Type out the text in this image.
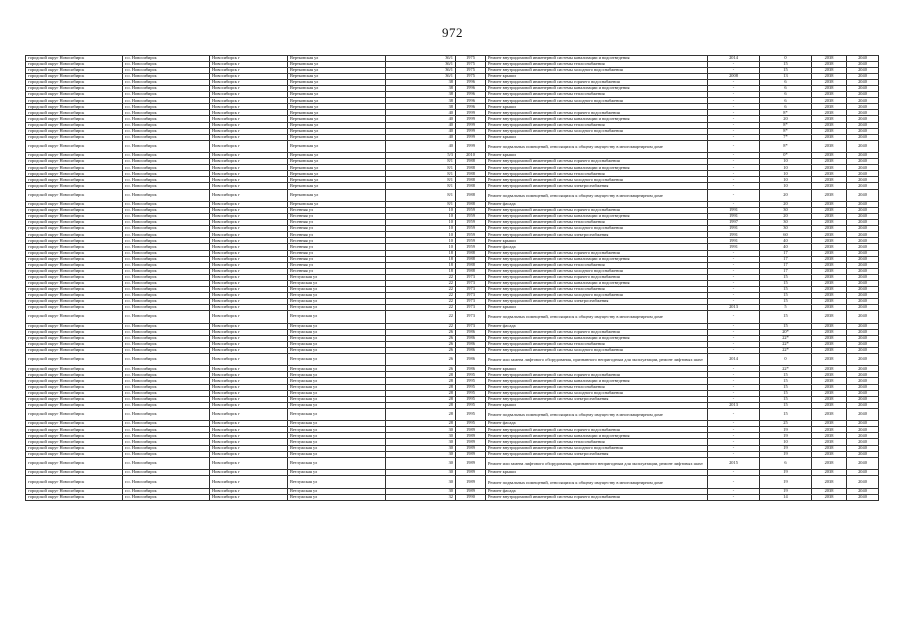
972
городской округ Новосибирск	г.о. Новосибирск	Новосибирск г	Вертковская ул	36/1	1975	Ремонт внутридомовой инженерной системы канализации и водоотведения	2014	0	2038	2040
городской округ Новосибирск	г.о. Новосибирск	Новосибирск г	Вертковская ул	36/1	1975	Ремонт внутридомовой инженерной системы теплоснабжения	-	15	2038	2040
городской округ Новосибирск	г.о. Новосибирск	Новосибирск г	Вертковская ул	36/1	1975	Ремонт внутридомовой инженерной системы холодного водоснабжения	-	15	2038	2040
городской округ Новосибирск	г.о. Новосибирск	Новосибирск г	Вертковская ул	36/1	1975	Ремонт крыши	2008	13	2038	2040
городской округ Новосибирск	г.о. Новосибирск	Новосибирск г	Вертковская ул	38	1996	Ремонт внутридомовой инженерной системы горячего водоснабжения	-	6	2038	2040
городской округ Новосибирск	г.о. Новосибирск	Новосибирск г	Вертковская ул	38	1996	Ремонт внутридомовой инженерной системы канализации и водоотведения	-	6	2038	2040
городской округ Новосибирск	г.о. Новосибирск	Новосибирск г	Вертковская ул	38	1996	Ремонт внутридомовой инженерной системы теплоснабжения	-	6	2038	2040
городской округ Новосибирск	г.о. Новосибирск	Новосибирск г	Вертковская ул	38	1996	Ремонт внутридомовой инженерной системы холодного водоснабжения	-	6	2038	2040
городской округ Новосибирск	г.о. Новосибирск	Новосибирск г	Вертковская ул	38	1996	Ремонт крыши	-	6	2038	2040
городской округ Новосибирск	г.о. Новосибирск	Новосибирск г	Вертковская ул	40	1999	Ремонт внутридомовой инженерной системы горячего водоснабжения	-	8*	2038	2040
городской округ Новосибирск	г.о. Новосибирск	Новосибирск г	Вертковская ул	40	1999	Ремонт внутридомовой инженерной системы канализации и водоотведения	-	20	2038	2040
городской округ Новосибирск	г.о. Новосибирск	Новосибирск г	Вертковская ул	40	1999	Ремонт внутридомовой инженерной системы теплоснабжения	-	8*	2038	2040
городской округ Новосибирск	г.о. Новосибирск	Новосибирск г	Вертковская ул	40	1999	Ремонт внутридомовой инженерной системы холодного водоснабжения	-	8*	2038	2040
городской округ Новосибирск	г.о. Новосибирск	Новосибирск г	Вертковская ул	40	1999	Ремонт крыши	-	7*	2038	2040
городской округ Новосибирск	г.о. Новосибирск	Новосибирск г	Вертковская ул	40	1999	Ремонт подвальных помещений, относящихся к общему имуществу в многоквартирном доме	-	8*	2038	2040
городской округ Новосибирск	г.о. Новосибирск	Новосибирск г	Вертковская ул	5/3	2010	Ремонт крыши	-	0*	2038	2040
городской округ Новосибирск	г.о. Новосибирск	Новосибирск г	Вертковская ул	8/1	1988	Ремонт внутридомовой инженерной системы горячего водоснабжения	-	10	2038	2040
городской округ Новосибирск	г.о. Новосибирск	Новосибирск г	Вертковская ул	8/1	1988	Ремонт внутридомовой инженерной системы канализации и водоотведения	-	10	2038	2040
городской округ Новосибирск	г.о. Новосибирск	Новосибирск г	Вертковская ул	8/1	1988	Ремонт внутридомовой инженерной системы теплоснабжения	-	10	2038	2040
городской округ Новосибирск	г.о. Новосибирск	Новосибирск г	Вертковская ул	8/1	1988	Ремонт внутридомовой инженерной системы холодного водоснабжения	-	10	2038	2040
городской округ Новосибирск	г.о. Новосибирск	Новосибирск г	Вертковская ул	8/1	1988	Ремонт внутридомовой инженерной системы электроснабжения	-	10	2038	2040
городской округ Новосибирск	г.о. Новосибирск	Новосибирск г	Вертковская ул	8/1	1988	Ремонт подвальных помещений, относящихся к общему имуществу в многоквартирном доме	-	20	2038	2040
городской округ Новосибирск	г.о. Новосибирск	Новосибирск г	Вертковская ул	8/1	1988	Ремонт фасада	-	20	2038	2040
городской округ Новосибирск	г.о. Новосибирск	Новосибирск г	Весенняя ул	10	1959	Ремонт внутридомовой инженерной системы горячего водоснабжения	1991	30	2038	2040
городской округ Новосибирск	г.о. Новосибирск	Новосибирск г	Весенняя ул	10	1959	Ремонт внутридомовой инженерной системы канализации и водоотведения	1991	20	2038	2040
городской округ Новосибирск	г.о. Новосибирск	Новосибирск г	Весенняя ул	10	1959	Ремонт внутридомовой инженерной системы теплоснабжения	1997	30	2038	2040
городской округ Новосибирск	г.о. Новосибирск	Новосибирск г	Весенняя ул	10	1959	Ремонт внутридомовой инженерной системы холодного водоснабжения	1991	30	2038	2040
городской округ Новосибирск	г.о. Новосибирск	Новосибирск г	Весенняя ул	10	1959	Ремонт внутридомовой инженерной системы электроснабжения	1991	60	2038	2040
городской округ Новосибирск	г.о. Новосибирск	Новосибирск г	Весенняя ул	10	1959	Ремонт крыши	1991	40	2038	2040
городской округ Новосибирск	г.о. Новосибирск	Новосибирск г	Весенняя ул	10	1959	Ремонт фасада	1991	40	2038	2040
городской округ Новосибирск	г.о. Новосибирск	Новосибирск г	Весенняя ул	18	1988	Ремонт внутридомовой инженерной системы горячего водоснабжения	-	17	2038	2040
городской округ Новосибирск	г.о. Новосибирск	Новосибирск г	Весенняя ул	18	1988	Ремонт внутридомовой инженерной системы канализации и водоотведения	-	17	2038	2040
городской округ Новосибирск	г.о. Новосибирск	Новосибирск г	Весенняя ул	18	1988	Ремонт внутридомовой инженерной системы теплоснабжения	-	17	2038	2040
городской округ Новосибирск	г.о. Новосибирск	Новосибирск г	Весенняя ул	18	1988	Ремонт внутридомовой инженерной системы холодного водоснабжения	-	17	2038	2040
городской округ Новосибирск	г.о. Новосибирск	Новосибирск г	Ветлужская ул	22	1973	Ремонт внутридомовой инженерной системы горячего водоснабжения	-	15	2038	2040
городской округ Новосибирск	г.о. Новосибирск	Новосибирск г	Ветлужская ул	22	1973	Ремонт внутридомовой инженерной системы канализации и водоотведения	-	15	2038	2040
городской округ Новосибирск	г.о. Новосибирск	Новосибирск г	Ветлужская ул	22	1973	Ремонт внутридомовой инженерной системы теплоснабжения	-	15	2038	2040
городской округ Новосибирск	г.о. Новосибирск	Новосибирск г	Ветлужская ул	22	1973	Ремонт внутридомовой инженерной системы холодного водоснабжения	-	15	2038	2040
городской округ Новосибирск	г.о. Новосибирск	Новосибирск г	Ветлужская ул	22	1973	Ремонт внутридомовой инженерной системы электроснабжения	-	15	2038	2040
городской округ Новосибирск	г.о. Новосибирск	Новосибирск г	Ветлужская ул	22	1973	Ремонт крыши	2013	5	2038	2040
городской округ Новосибирск	г.о. Новосибирск	Новосибирск г	Ветлужская ул	22	1973	Ремонт подвальных помещений, относящихся к общему имуществу в многоквартирном доме	-	15	2038	2040
городской округ Новосибирск	г.о. Новосибирск	Новосибирск г	Ветлужская ул	22	1973	Ремонт фасада	-	15	2038	2040
городской округ Новосибирск	г.о. Новосибирск	Новосибирск г	Ветлужская ул	26	1986	Ремонт внутридомовой инженерной системы горячего водоснабжения	-	20*	2038	2040
городской округ Новосибирск	г.о. Новосибирск	Новосибирск г	Ветлужская ул	26	1986	Ремонт внутридомовой инженерной системы канализации и водоотведения	-	22*	2038	2040
городской округ Новосибирск	г.о. Новосибирск	Новосибирск г	Ветлужская ул	26	1986	Ремонт внутридомовой инженерной системы теплоснабжения	-	22*	2038	2040
городской округ Новосибирск	г.о. Новосибирск	Новосибирск г	Ветлужская ул	26	1986	Ремонт внутридомовой инженерной системы холодного водоснабжения	-	22*	2038	2040
городской округ Новосибирск	г.о. Новосибирск	Новосибирск г	Ветлужская ул	26	1986	Ремонт или замена лифтового оборудования, признанного непригодным для эксплуатации, ремонт лифтовых шахт	2014	0	2038	2040
городской округ Новосибирск	г.о. Новосибирск	Новосибирск г	Ветлужская ул	26	1986	Ремонт крыши	-	22*	2038	2040
городской округ Новосибирск	г.о. Новосибирск	Новосибирск г	Ветлужская ул	28	1995	Ремонт внутридомовой инженерной системы горячего водоснабжения	-	15	2038	2040
городской округ Новосибирск	г.о. Новосибирск	Новосибирск г	Ветлужская ул	28	1995	Ремонт внутридомовой инженерной системы канализации и водоотведения	-	15	2038	2040
городской округ Новосибирск	г.о. Новосибирск	Новосибирск г	Ветлужская ул	28	1995	Ремонт внутридомовой инженерной системы теплоснабжения	-	15	2038	2040
городской округ Новосибирск	г.о. Новосибирск	Новосибирск г	Ветлужская ул	28	1995	Ремонт внутридомовой инженерной системы холодного водоснабжения	-	15	2038	2040
городской округ Новосибирск	г.о. Новосибирск	Новосибирск г	Ветлужская ул	28	1995	Ремонт внутридомовой инженерной системы электроснабжения	-	15	2038	2040
городской округ Новосибирск	г.о. Новосибирск	Новосибирск г	Ветлужская ул	28	1995	Ремонт крыши	2013	15	2038	2040
городской округ Новосибирск	г.о. Новосибирск	Новосибирск г	Ветлужская ул	28	1995	Ремонт подвальных помещений, относящихся к общему имуществу в многоквартирном доме	-	15	2038	2040
городской округ Новосибирск	г.о. Новосибирск	Новосибирск г	Ветлужская ул	28	1995	Ремонт фасада	-	25	2038	2040
городской округ Новосибирск	г.о. Новосибирск	Новосибирск г	Ветлужская ул	30	1989	Ремонт внутридомовой инженерной системы горячего водоснабжения	-	19	2038	2040
городской округ Новосибирск	г.о. Новосибирск	Новосибирск г	Ветлужская ул	30	1989	Ремонт внутридомовой инженерной системы канализации и водоотведения	-	19	2038	2040
городской округ Новосибирск	г.о. Новосибирск	Новосибирск г	Ветлужская ул	30	1989	Ремонт внутридомовой инженерной системы теплоснабжения	-	10	2038	2040
городской округ Новосибирск	г.о. Новосибирск	Новосибирск г	Ветлужская ул	30	1989	Ремонт внутридомовой инженерной системы холодного водоснабжения	-	19	2038	2040
городской округ Новосибирск	г.о. Новосибирск	Новосибирск г	Ветлужская ул	30	1989	Ремонт внутридомовой инженерной системы электроснабжения	-	19	2038	2040
городской округ Новосибирск	г.о. Новосибирск	Новосибирск г	Ветлужская ул	30	1989	Ремонт или замена лифтового оборудования, признанного непригодным для эксплуатации, ремонт лифтовых шахт	2015	6	2038	2040
городской округ Новосибирск	г.о. Новосибирск	Новосибирск г	Ветлужская ул	30	1989	Ремонт крыши	-	19	2038	2040
городской округ Новосибирск	г.о. Новосибирск	Новосибирск г	Ветлужская ул	30	1989	Ремонт подвальных помещений, относящихся к общему имуществу в многоквартирном доме	-	19	2038	2040
городской округ Новосибирск	г.о. Новосибирск	Новосибирск г	Ветлужская ул	30	1989	Ремонт фасада	-	19	2038	2040
городской округ Новосибирск	г.о. Новосибирск	Новосибирск г	Ветлужская ул	32	1990	Ремонт внутридомовой инженерной системы горячего водоснабжения	-	14	2038	2040
